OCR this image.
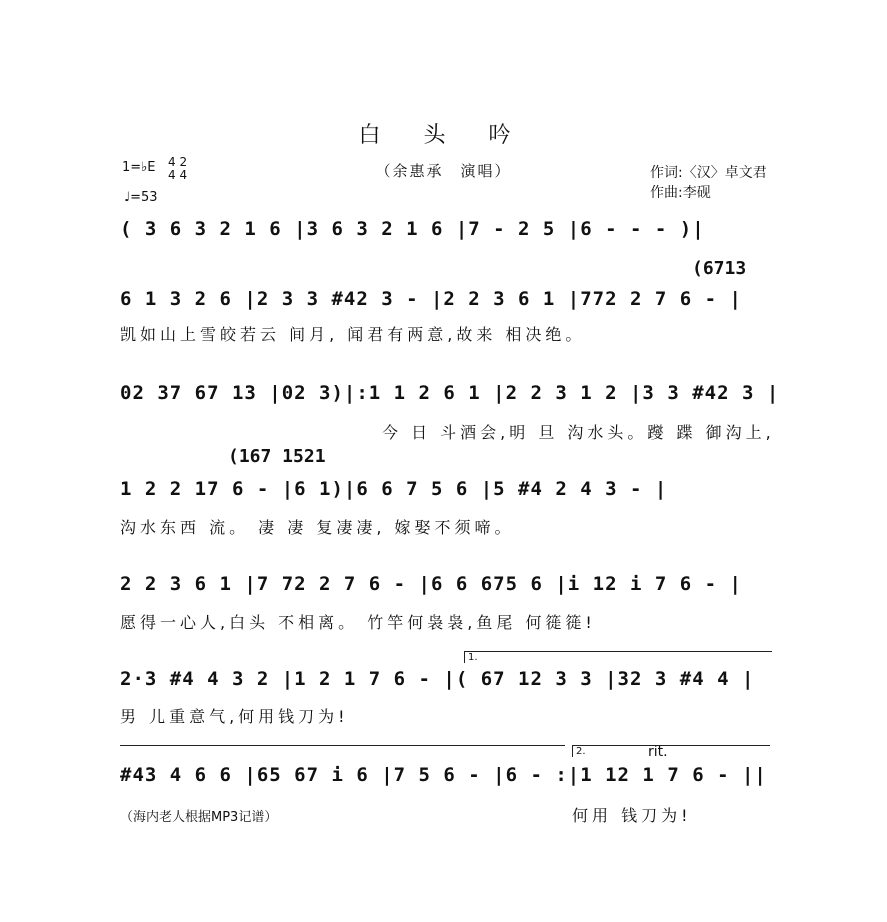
白 头 吟
（余惠承　演唱）	作词:〈汉〉卓文君
作曲:李砚
1=♭E 4 2
4 4
♩=53
( 3 6 3 2 1 6 |3 6 3 2 1 6 |7 - 2 5 |6 - - - )|
(6713
6 1 3 2 6 |2 3 3 #42 3 - |2 2 3 6 1 |772 2 7 6 - |
凯如山上雪皎若云 间月, 闻君有两意,故来 相决绝。
02 37 67 13 |02 3)|:1 1 2 6 1 |2 2 3 1 2 |3 3 #42 3 |
今 日 斗酒会,明 旦 沟水头。躞 蹀 御沟上,
(167 1521
1 2 2 17 6 - |6 1)|6 6 7 5 6 |5 #4 2 4 3 - |
沟水东西 流。 凄 凄 复凄凄, 嫁娶不须啼。
2 2 3 6 1 |7 72 2 7 6 - |6 6 675 6 |i 12 i 7 6 - |
愿得一心人,白头 不相离。 竹竿何袅袅,鱼尾 何簁簁!
1.
2·3 #4 4 3 2 |1 2 1 7 6 - |( 67 12 3 3 |32 3 #4 4 |
男 儿重意气,何用钱刀为!
2.	rit.
#43 4 6 6 |65 67 i 6 |7 5 6 - |6 - :|1 12 1 7 6 - ||
何用 钱刀为!
（海内老人根据MP3记谱）
